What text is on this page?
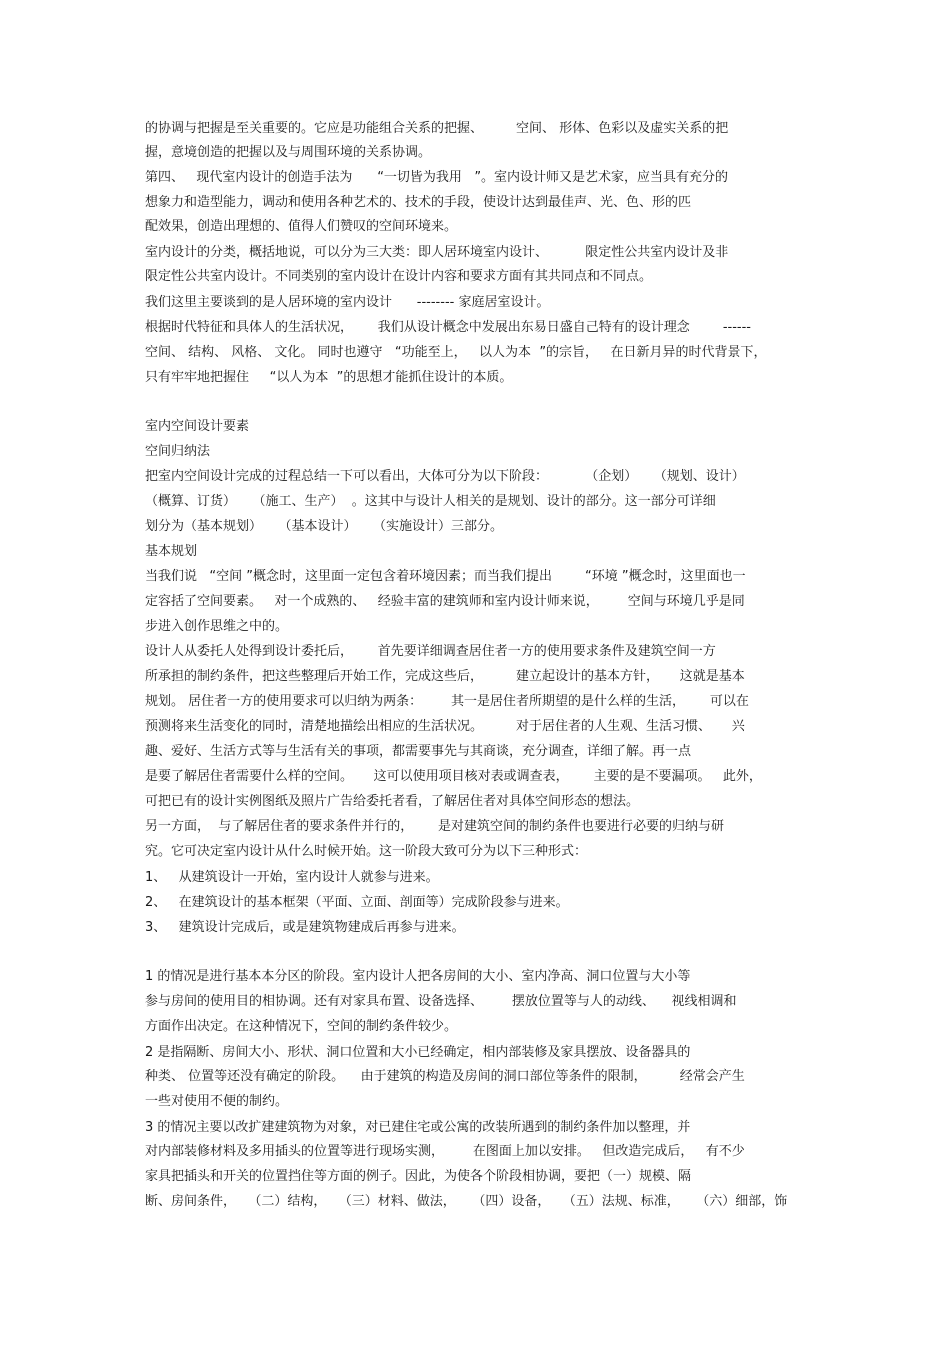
的协调与把握是至关重要的。它应是功能组合关系的把握、        空间、 形体、色彩以及虚实关系的把
握，意境创造的把握以及与周围环境的关系协调。
第四、   现代室内设计的创造手法为      “一切皆为我用   ”。室内设计师又是艺术家，应当具有充分的
想象力和造型能力，调动和使用各种艺术的、技术的手段，使设计达到最佳声、光、色、形的匹
配效果，创造出理想的、值得人们赞叹的空间环境来。
室内设计的分类，概括地说，可以分为三大类：即人居环境室内设计、         限定性公共室内设计及非
限定性公共室内设计。不同类别的室内设计在设计内容和要求方面有其共同点和不同点。
我们这里主要谈到的是人居环境的室内设计      -------- 家庭居室设计。
根据时代特征和具体人的生活状况，      我们从设计概念中发展出东易日盛自己特有的设计理念        ------
空间、 结构、 风格、 文化。 同时也遵守   “功能至上，   以人为本  ”的宗旨，   在日新月异的时代背景下，
只有牢牢地把握住     “以人为本  ”的思想才能抓住设计的本质。
室内空间设计要素
空间归纳法
把室内空间设计完成的过程总结一下可以看出，大体可分为以下阶段：         （企划）    （规划、设计）
（概算、订货）    （施工、生产）  。这其中与设计人相关的是规划、设计的部分。这一部分可详细
划分为（基本规划）    （基本设计）    （实施设计）三部分。
基本规划
当我们说   “空间 ”概念时，这里面一定包含着环境因素；而当我们提出        “环境 ”概念时，这里面也一
定容括了空间要素。   对一个成熟的、   经验丰富的建筑师和室内设计师来说，       空间与环境几乎是同
步进入创作思维之中的。
设计人从委托人处得到设计委托后，      首先要详细调查居住者一方的使用要求条件及建筑空间一方
所承担的制约条件，把这些整理后开始工作，完成这些后，        建立起设计的基本方针，     这就是基本
规划。 居住者一方的使用要求可以归纳为两条：       其一是居住者所期望的是什么样的生活，      可以在
预测将来生活变化的同时，清楚地描绘出相应的生活状况。        对于居住者的人生观、生活习惯、     兴
趣、爱好、生活方式等与生活有关的事项，都需要事先与其商谈，充分调查，详细了解。再一点
是要了解居住者需要什么样的空间。     这可以使用项目核对表或调查表，      主要的是不要漏项。   此外，
可把已有的设计实例图纸及照片广告给委托者看，了解居住者对具体空间形态的想法。
另一方面，  与了解居住者的要求条件并行的，      是对建筑空间的制约条件也要进行必要的归纳与研
究。它可决定室内设计从什么时候开始。这一阶段大致可分为以下三种形式：
1、   从建筑设计一开始，室内设计人就参与进来。
2、   在建筑设计的基本框架（平面、立面、剖面等）完成阶段参与进来。
3、   建筑设计完成后，或是建筑物建成后再参与进来。
1 的情况是进行基本本分区的阶段。室内设计人把各房间的大小、室内净高、洞口位置与大小等
参与房间的使用目的相协调。还有对家具布置、设备选择、       摆放位置等与人的动线、    视线相调和
方面作出决定。在这种情况下，空间的制约条件较少。
2 是指隔断、房间大小、形状、洞口位置和大小已经确定，相内部装修及家具摆放、设备器具的
种类、 位置等还没有确定的阶段。    由于建筑的构造及房间的洞口部位等条件的限制，        经常会产生
一些对使用不便的制约。
3 的情况主要以改扩建建筑物为对象，对已建住宅或公寓的改装所遇到的制约条件加以整理，并
对内部装修材料及多用插头的位置等进行现场实测，       在图面上加以安排。   但改造完成后，   有不少
家具把插头和开关的位置挡住等方面的例子。因此，为使各个阶段相协调，要把（一）规模、隔
断、房间条件，   （二）结构，   （三）材料、做法，    （四）设备，   （五）法规、标准，    （六）细部，饰
